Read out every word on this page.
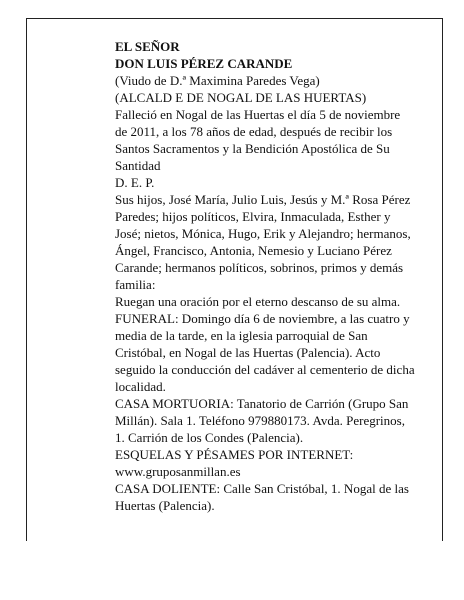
EL SEÑOR

DON LUIS PÉREZ CARANDE

(Viudo de D.ª Maximina Paredes Vega)

(ALCALD E DE NOGAL DE LAS HUERTAS)

Falleció en Nogal de las Huertas el día 5 de noviembre de 2011, a los 78 años de edad, después de recibir los Santos Sacramentos y la Bendición Apostólica de Su Santidad

D. E. P.

Sus hijos, José María, Julio Luis, Jesús y M.ª Rosa Pérez Paredes; hijos políticos, Elvira, Inmaculada, Esther y José; nietos, Mónica, Hugo, Erik y Alejandro; hermanos, Ángel, Francisco, Antonia, Nemesio y Luciano Pérez Carande; hermanos políticos, sobrinos, primos y demás familia:

Ruegan una oración por el eterno descanso de su alma.

FUNERAL: Domingo día 6 de noviembre, a las cuatro y media de la tarde, en la iglesia parroquial de San Cristóbal, en Nogal de las Huertas (Palencia). Acto seguido la conducción del cadáver al cementerio de dicha localidad.

CASA MORTUORIA: Tanatorio de Carrión (Grupo San Millán). Sala 1. Teléfono 979880173. Avda. Peregrinos, 1. Carrión de los Condes (Palencia).

ESQUELAS Y PÉSAMES POR INTERNET: www.gruposanmillan.es

CASA DOLIENTE: Calle San Cristóbal, 1. Nogal de las Huertas (Palencia).
